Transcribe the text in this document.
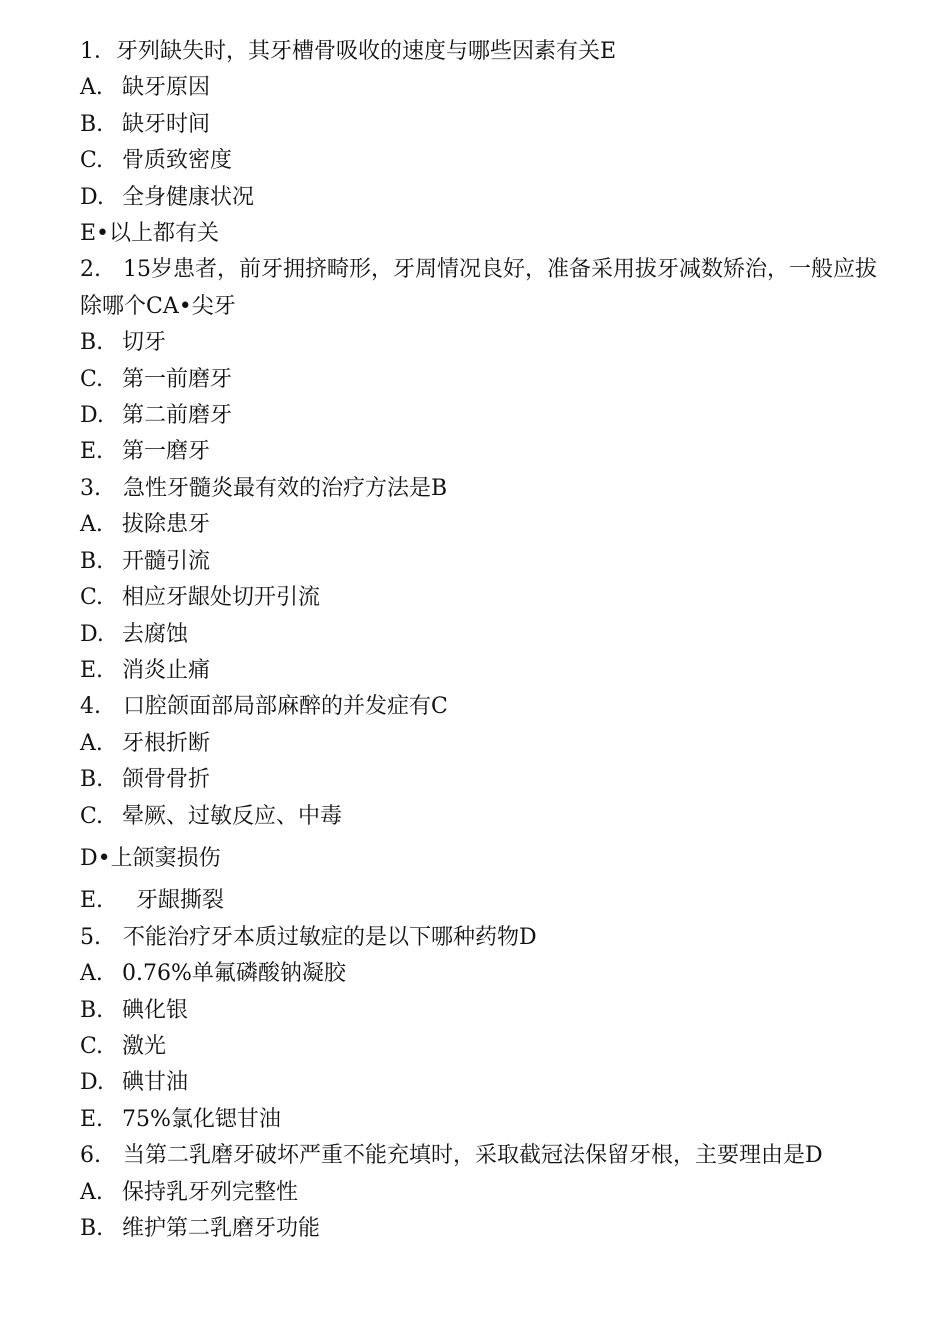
1．牙列缺失时，其牙槽骨吸收的速度与哪些因素有关E
A. 缺牙原因
B. 缺牙时间
C. 骨质致密度
D. 全身健康状况
E•以上都有关
2.　15岁患者，前牙拥挤畸形，牙周情况良好，准备采用拔牙减数矫治，一般应拔除哪个CA•尖牙
B. 切牙
C. 第一前磨牙
D. 第二前磨牙
E. 第一磨牙
3.　急性牙髓炎最有效的治疗方法是B
A. 拔除患牙
B. 开髓引流
C. 相应牙龈处切开引流
D. 去腐蚀
E. 消炎止痛
4.　口腔颌面部局部麻醉的并发症有C
A. 牙根折断
B. 颌骨骨折
C. 晕厥、过敏反应、中毒
D•上颌窦损伤
E. 牙龈撕裂
5.　不能治疗牙本质过敏症的是以下哪种药物D
A. 0.76%单氟磷酸钠凝胶
B. 碘化银
C. 激光
D. 碘甘油
E. 75%氯化锶甘油
6.　当第二乳磨牙破坏严重不能充填时，采取截冠法保留牙根，主要理由是D
A. 保持乳牙列完整性
B. 维护第二乳磨牙功能
